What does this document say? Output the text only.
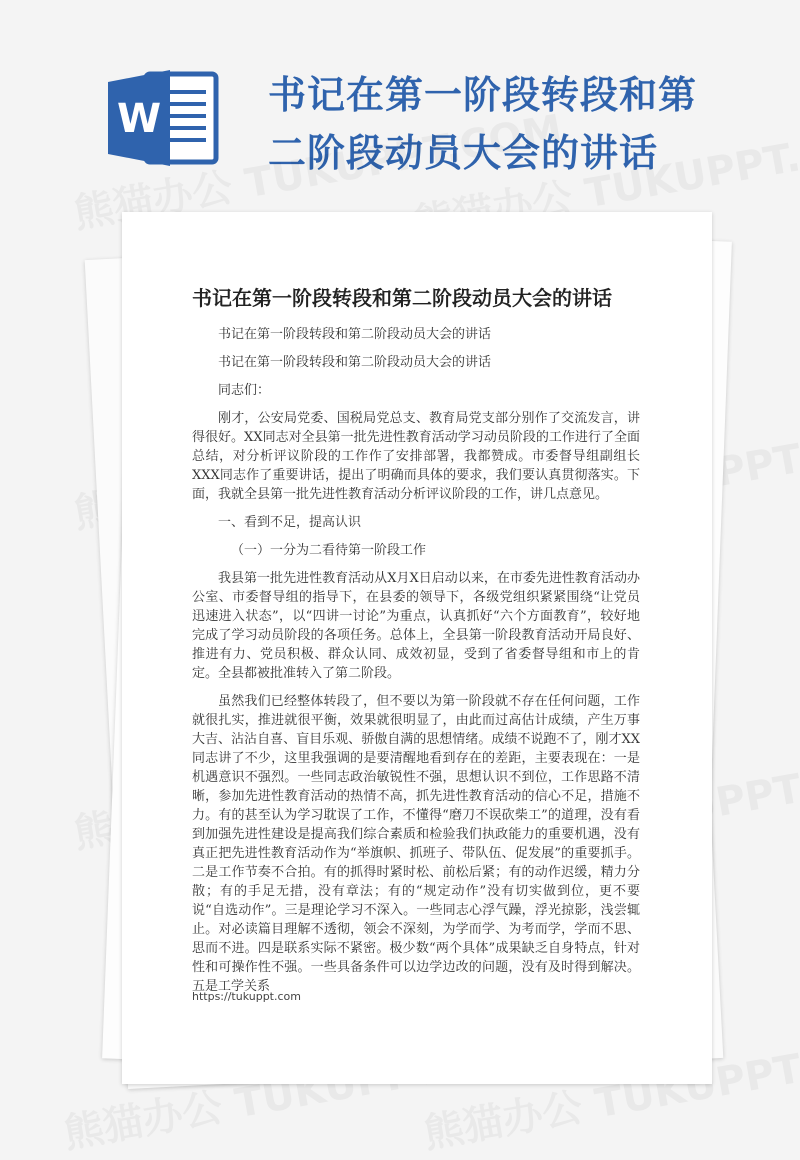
W
书记在第一阶段转段和第二阶段动员大会的讲话
书记在第一阶段转段和第二阶段动员大会的讲话

书记在第一阶段转段和第二阶段动员大会的讲话

书记在第一阶段转段和第二阶段动员大会的讲话

同志们：

刚才，公安局党委、国税局党总支、教育局党支部分别作了交流发言，讲得很好。XX同志对全县第一批先进性教育活动学习动员阶段的工作进行了全面总结，对分析评议阶段的工作作了安排部署，我都赞成。市委督导组副组长XXX同志作了重要讲话，提出了明确而具体的要求，我们要认真贯彻落实。下面，我就全县第一批先进性教育活动分析评议阶段的工作，讲几点意见。

一、看到不足，提高认识

（一）一分为二看待第一阶段工作

我县第一批先进性教育活动从X月X日启动以来，在市委先进性教育活动办公室、市委督导组的指导下，在县委的领导下，各级党组织紧紧围绕“让党员迅速进入状态”，以“四讲一讨论”为重点，认真抓好“六个方面教育”，较好地完成了学习动员阶段的各项任务。总体上，全县第一阶段教育活动开局良好、推进有力、党员积极、群众认同、成效初显，受到了省委督导组和市上的肯定。全县都被批准转入了第二阶段。

虽然我们已经整体转段了，但不要以为第一阶段就不存在任何问题，工作就很扎实，推进就很平衡，效果就很明显了，由此而过高估计成绩，产生万事大吉、沾沾自喜、盲目乐观、骄傲自满的思想情绪。成绩不说跑不了，刚才XX同志讲了不少，这里我强调的是要清醒地看到存在的差距，主要表现在：一是机遇意识不强烈。一些同志政治敏锐性不强，思想认识不到位，工作思路不清晰，参加先进性教育活动的热情不高，抓先进性教育活动的信心不足，措施不力。有的甚至认为学习耽误了工作，不懂得“磨刀不误砍柴工”的道理，没有看到加强先进性建设是提高我们综合素质和检验我们执政能力的重要机遇，没有真正把先进性教育活动作为“举旗帜、抓班子、带队伍、促发展”的重要抓手。二是工作节奏不合拍。有的抓得时紧时松、前松后紧；有的动作迟缓，精力分散；有的手足无措，没有章法；有的“规定动作”没有切实做到位，更不要说“自选动作”。三是理论学习不深入。一些同志心浮气躁，浮光掠影，浅尝辄止。对必读篇目理解不透彻，领会不深刻，为学而学、为考而学，学而不思、思而不进。四是联系实际不紧密。极少数“两个具体”成果缺乏自身特点，针对性和可操作性不强。一些具备条件可以边学边改的问题，没有及时得到解决。五是工学关系

https://tukuppt.com
